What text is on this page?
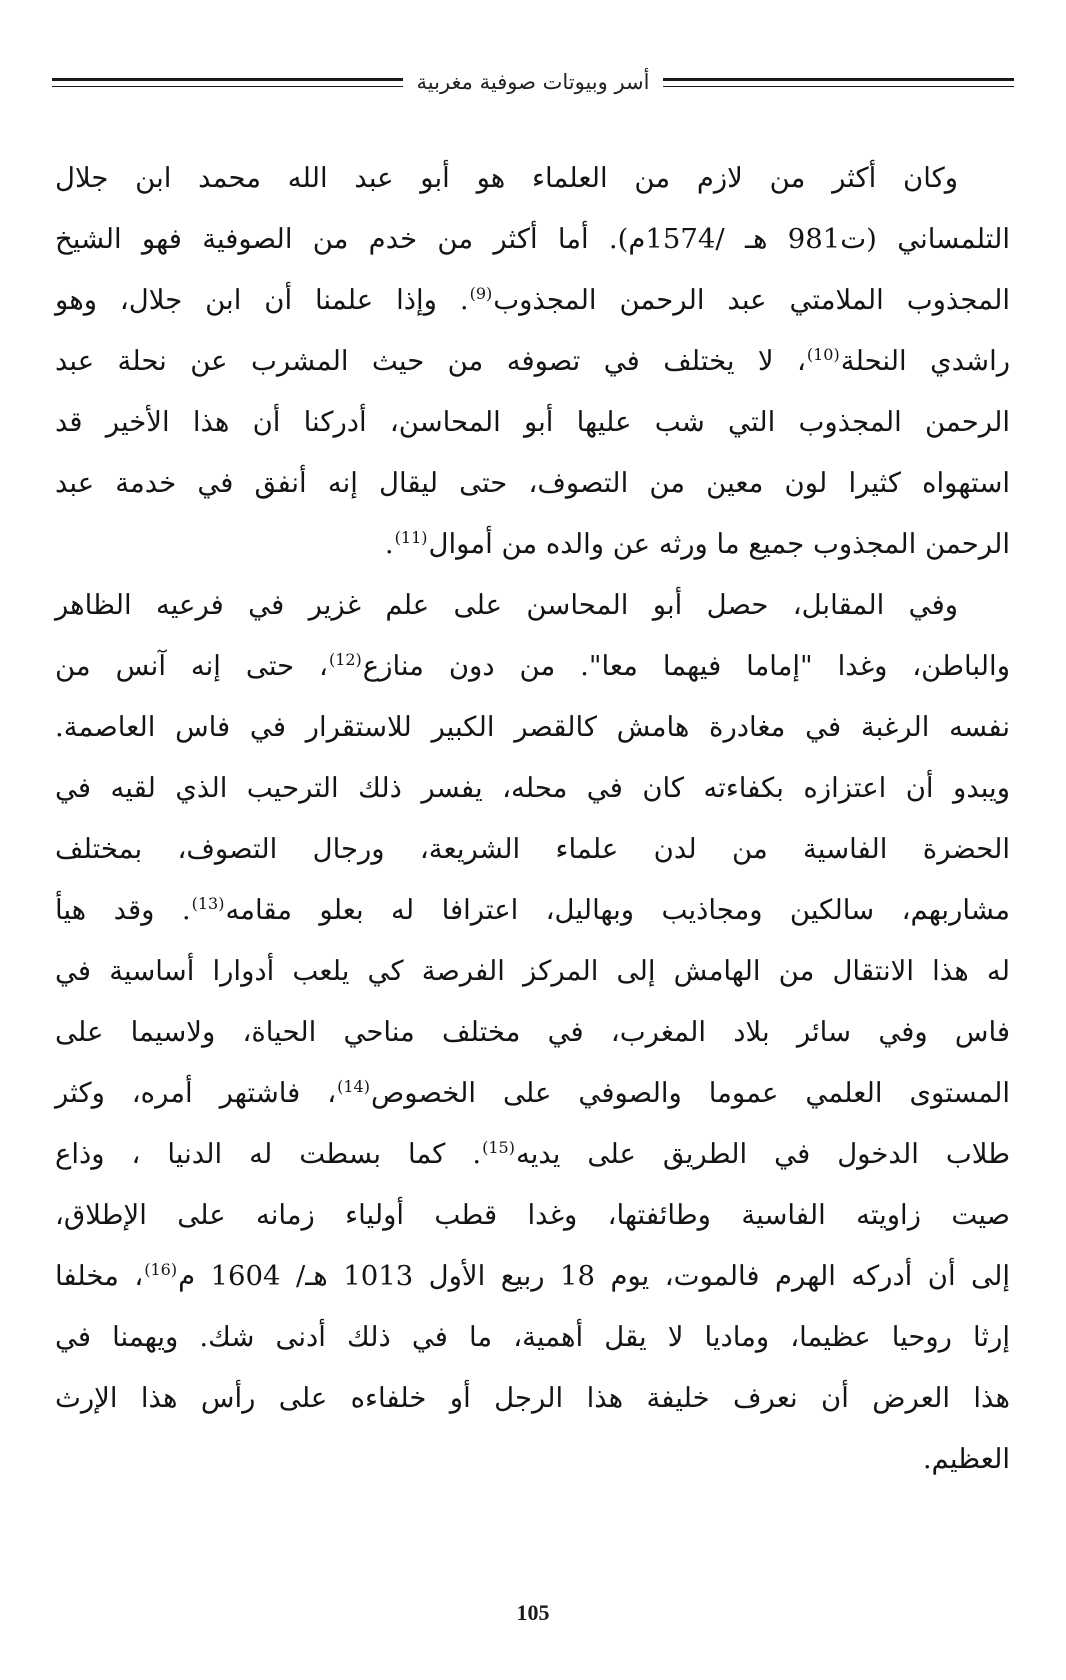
أسر وبيوتات صوفية مغربية
وكان أكثر من لازم من العلماء هو أبو عبد الله محمد ابن جلال
التلمساني (ت981 هـ /1574م). أما أكثر من خدم من الصوفية فهو الشيخ
المجذوب الملامتي عبد الرحمن المجذوب$^{(9)}$. وإذا علمنا أن ابن جلال، وهو
راشدي النحلة$^{(10)}$، لا يختلف في تصوفه من حيث المشرب عن نحلة عبد
الرحمن المجذوب التي شب عليها أبو المحاسن، أدركنا أن هذا الأخير قد
استهواه كثيرا لون معين من التصوف، حتى ليقال إنه أنفق في خدمة عبد
الرحمن المجذوب جميع ما ورثه عن والده من أموال$^{(11)}$.
وفي المقابل، حصل أبو المحاسن على علم غزير في فرعيه الظاهر
والباطن، وغدا "إماما فيهما معا". من دون منازع$^{(12)}$، حتى إنه آنس من
نفسه الرغبة في مغادرة هامش كالقصر الكبير للاستقرار في فاس العاصمة.
ويبدو أن اعتزازه بكفاءته كان في محله، يفسر ذلك الترحيب الذي لقيه في
الحضرة الفاسية من لدن علماء الشريعة، ورجال التصوف، بمختلف
مشاربهم، سالكين ومجاذيب وبهاليل، اعترافا له بعلو مقامه$^{(13)}$. وقد هيأ
له هذا الانتقال من الهامش إلى المركز الفرصة كي يلعب أدوارا أساسية في
فاس وفي سائر بلاد المغرب، في مختلف مناحي الحياة، ولاسيما على
المستوى العلمي عموما والصوفي على الخصوص$^{(14)}$، فاشتهر أمره، وكثر
طلاب الدخول في الطريق على يديه$^{(15)}$. كما بسطت له الدنيا ، وذاع
صيت زاويته الفاسية وطائفتها، وغدا قطب أولياء زمانه على الإطلاق،
إلى أن أدركه الهرم فالموت، يوم 18 ربيع الأول 1013 هـ/ 1604 م$^{(16)}$، مخلفا
إرثا روحيا عظيما، وماديا لا يقل أهمية، ما في ذلك أدنى شك. ويهمنا في
هذا العرض أن نعرف خليفة هذا الرجل أو خلفاءه على رأس هذا الإرث
العظيم.
105
